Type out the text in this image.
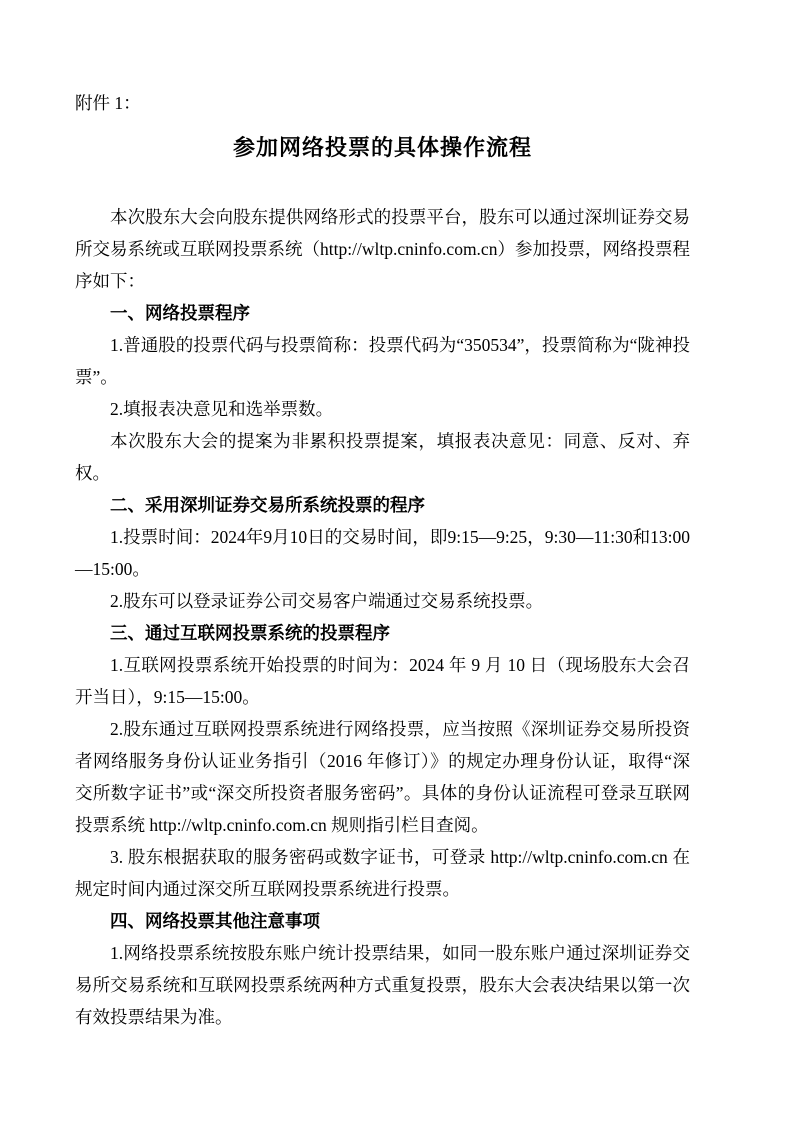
附件 1：

参加网络投票的具体操作流程

本次股东大会向股东提供网络形式的投票平台，股东可以通过深圳证券交易所交易系统或互联网投票系统（http://wltp.cninfo.com.cn）参加投票，网络投票程序如下：

一、网络投票程序

1.普通股的投票代码与投票简称：投票代码为“350534”，投票简称为“陇神投票”。

2.填报表决意见和选举票数。

本次股东大会的提案为非累积投票提案，填报表决意见：同意、反对、弃权。

二、采用深圳证券交易所系统投票的程序

1.投票时间：2024年9月10日的交易时间，即9:15—9:25，9:30—11:30和13:00—15:00。

2.股东可以登录证券公司交易客户端通过交易系统投票。

三、通过互联网投票系统的投票程序

1.互联网投票系统开始投票的时间为：2024 年 9 月 10 日（现场股东大会召开当日），9:15—15:00。

2.股东通过互联网投票系统进行网络投票，应当按照《深圳证券交易所投资者网络服务身份认证业务指引（2016 年修订）》的规定办理身份认证，取得“深交所数字证书”或“深交所投资者服务密码”。具体的身份认证流程可登录互联网投票系统 http://wltp.cninfo.com.cn 规则指引栏目查阅。

3. 股东根据获取的服务密码或数字证书，可登录 http://wltp.cninfo.com.cn 在规定时间内通过深交所互联网投票系统进行投票。

四、网络投票其他注意事项

1.网络投票系统按股东账户统计投票结果，如同一股东账户通过深圳证券交易所交易系统和互联网投票系统两种方式重复投票，股东大会表决结果以第一次有效投票结果为准。
